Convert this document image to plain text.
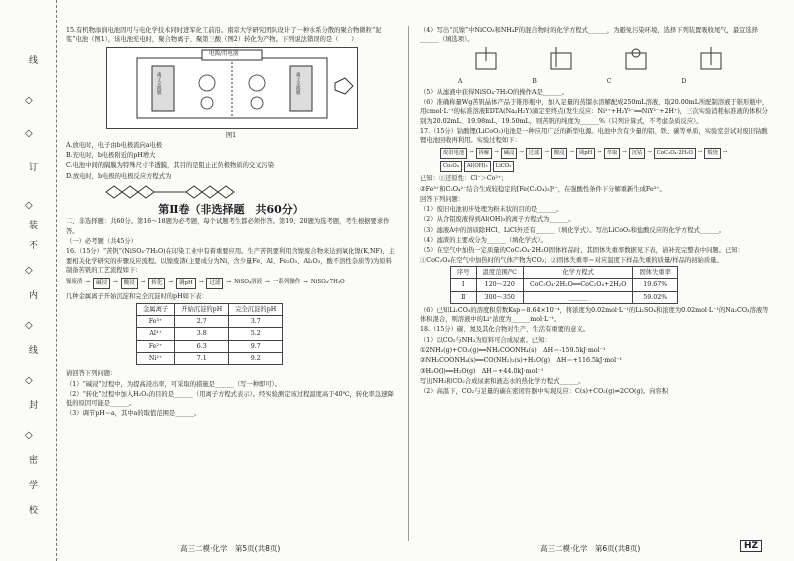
线
◇
◇
订
◇
装
不
◇
内
◇
线
◇
封
◇
密
学
校

15.有机物添润电池因可与电化学技术同时进军化工前沿。南京大学研究团队设计了一种水系分散的聚合物微粒“泥浆”电池（图1），该电池充电时，聚合物离子、聚第三酸（图2）转化为产物。下列说法错误的是（　　）

电源/用电器
离子交换膜	离子交换膜

图1

A.放电时，电子由b电极流向a电极

B.充电时，b电极附近的pH增大

C.电池中间的隔膜为特殊尺寸半透膜，其目的是阻止正负极物质的交叉污染

D.放电时，b电极的电极反应方程式为

第Ⅱ卷（非选择题　共60分）

二、非选择题：共60分。第16～18题为必考题，每个试题考生都必须作答。第19、20题为选考题，考生根据要求作答。

（一）必考题（共45分）

16.（15分）“苦钒”(NiSO₄·7H₂O)在印染工业中有着重要应用。生产苦钒要利用含镍废合物来达到氧化镍(K,NF)，主要相关化学研究的步骤反应流程。以镍废渣(主要成分为Ni，含少量Fe、Al、Fe₂O₃、Al₂O₃，酸不溶性杂质等)为原料制备苦钒的工艺流程如下：

镍废渣 →	碱浸	→	酸浸	→	转化	→	调pH	→	过滤	→ NiSO₄溶液 → 一系列操作 → NiSO₄·7H₂O

几种金属离子开始沉淀和完全沉淀时的pH如下表：

金属离子	开始沉淀的pH	完全沉淀的pH
Fe³⁺	2.7	3.7
Al³⁺	3.8	5.2
Fe²⁺	6.3	9.7
Ni²⁺	7.1	9.2

请回答下列问题：

（1）“碱浸”过程中，为提高浸出率，可采取的措施是______（写一种即可）。

（2）“转化”过程中加入H₂O₂的目的是______（用离子方程式表示）。经实验测定该过程温度高于40℃，转化率急速降低的原因可能是______。

（3）调节pH＝a，其中a的取值范围是______。

（4）写出“沉镍”中NiCO₃和NH₄F的混合物时的化学方程式______，为避免污染环境，选择下列装置吸收尾气，最宜选择______（填选项）。

A	B	C	D

（5）从滤液中获得NiSO₄·7H₂O的操作A是______。

（6）准确称量Wg苦钒晶体产品于锥形瓶中，加入足量的蒸馏水溶解配成250mL溶液，取20.00mL所配制溶液于锥形瓶中，用cmol·L⁻¹的标准溶液EDTA(Na₂H₂Y)滴定至终点(发生反应：Ni²⁺+H₂Y²⁻══NiY²⁻+2H⁺)，三次实验消耗标准液的体积分别为20.02mL、19.98mL、19.50mL，则苦钒的纯度为______%（只列计算式，不考虑杂质反应）。

17.（15分）钴酸锂(LiCoO₂)电池是一种应用广泛的新型电源。电池中含有少量的铝、铁、碳等单质，实验室尝试对废旧钴酸锂电池回收再利用。实验过程如下：

废旧电池 → 拆解 → 碱浸 → 过滤 → 酸浸 → 调pH → 萃取 → 沉钴 → CoC₂O₄·2H₂O → 煅烧 →
Co₃O₄	Al(OH)₃	LiCO₃

已知：①还原性：Cl⁻＞Co²⁺；

②Fe³⁺和C₂O₄²⁻结合生成较稳定的[Fe(C₂O₄)₃]³⁻，在强酸性条件下分解重新生成Fe³⁺。

回答下列问题：

（1）废旧电池初步处理为粉末状的目的是______。

（2）从含铝废液得到Al(OH)₃的离子方程式为______。

（3）滤液A中的溶质除HCl、LiCl外还有______（填化学式）。写出LiCoO₂和盐酸反应的化学方程式______。

（4）滤渣的主要成分为______（填化学式）。

（5）在空气中加热一定质量的CoC₂O₄·2H₂O固体样品时，其固体失重率数据见下表，请补充完整表中问题。已知：①CoC₂O₄在空气中加热时的气体产物为CO₂；②固体失重率＝对应温度下样品失重的质量/样品的初始质量。

序号	温度范围/℃	化学方程式	固体失重率
Ⅰ	120～220	CoC₂O₄·2H₂O══CoC₂O₄+2H₂O	19.67%
Ⅱ	300～350	______	59.02%

（6）已知Li₂CO₃的溶度积常数Ksp＝8.64×10⁻⁴，将浓度为0.02mol·L⁻¹的Li₂SO₄和浓度为0.02mol·L⁻¹的Na₂CO₃溶液等体积混合，则溶液中的Li⁺浓度为______mol·L⁻¹。

18.（15分）碳、氮及其化合物对生产、生活有重要的意义。

（1）以CO₂与NH₃为原料可合成尿素。已知：

①2NH₃(g)+CO₂(g)══NH₂COONH₄(s)　ΔH＝-159.5kJ·mol⁻¹

②NH₂COONH₄(s)══CO(NH₂)₂(s)+H₂O(g)　ΔH＝+116.5kJ·mol⁻¹

③H₂O(l)══H₂O(g)　ΔH＝+44.0kJ·mol⁻¹

写出NH₃和CO₂合成尿素和液态水的热化学方程式______。

（2）高温下，CO₂与足量的碳在密闭容器中实现反应：C(s)+CO₂(g)⇌2CO(g)。向容积

高三二模·化学　第5页(共8页)	高三二模·化学　第6页(共8页)	HZ
